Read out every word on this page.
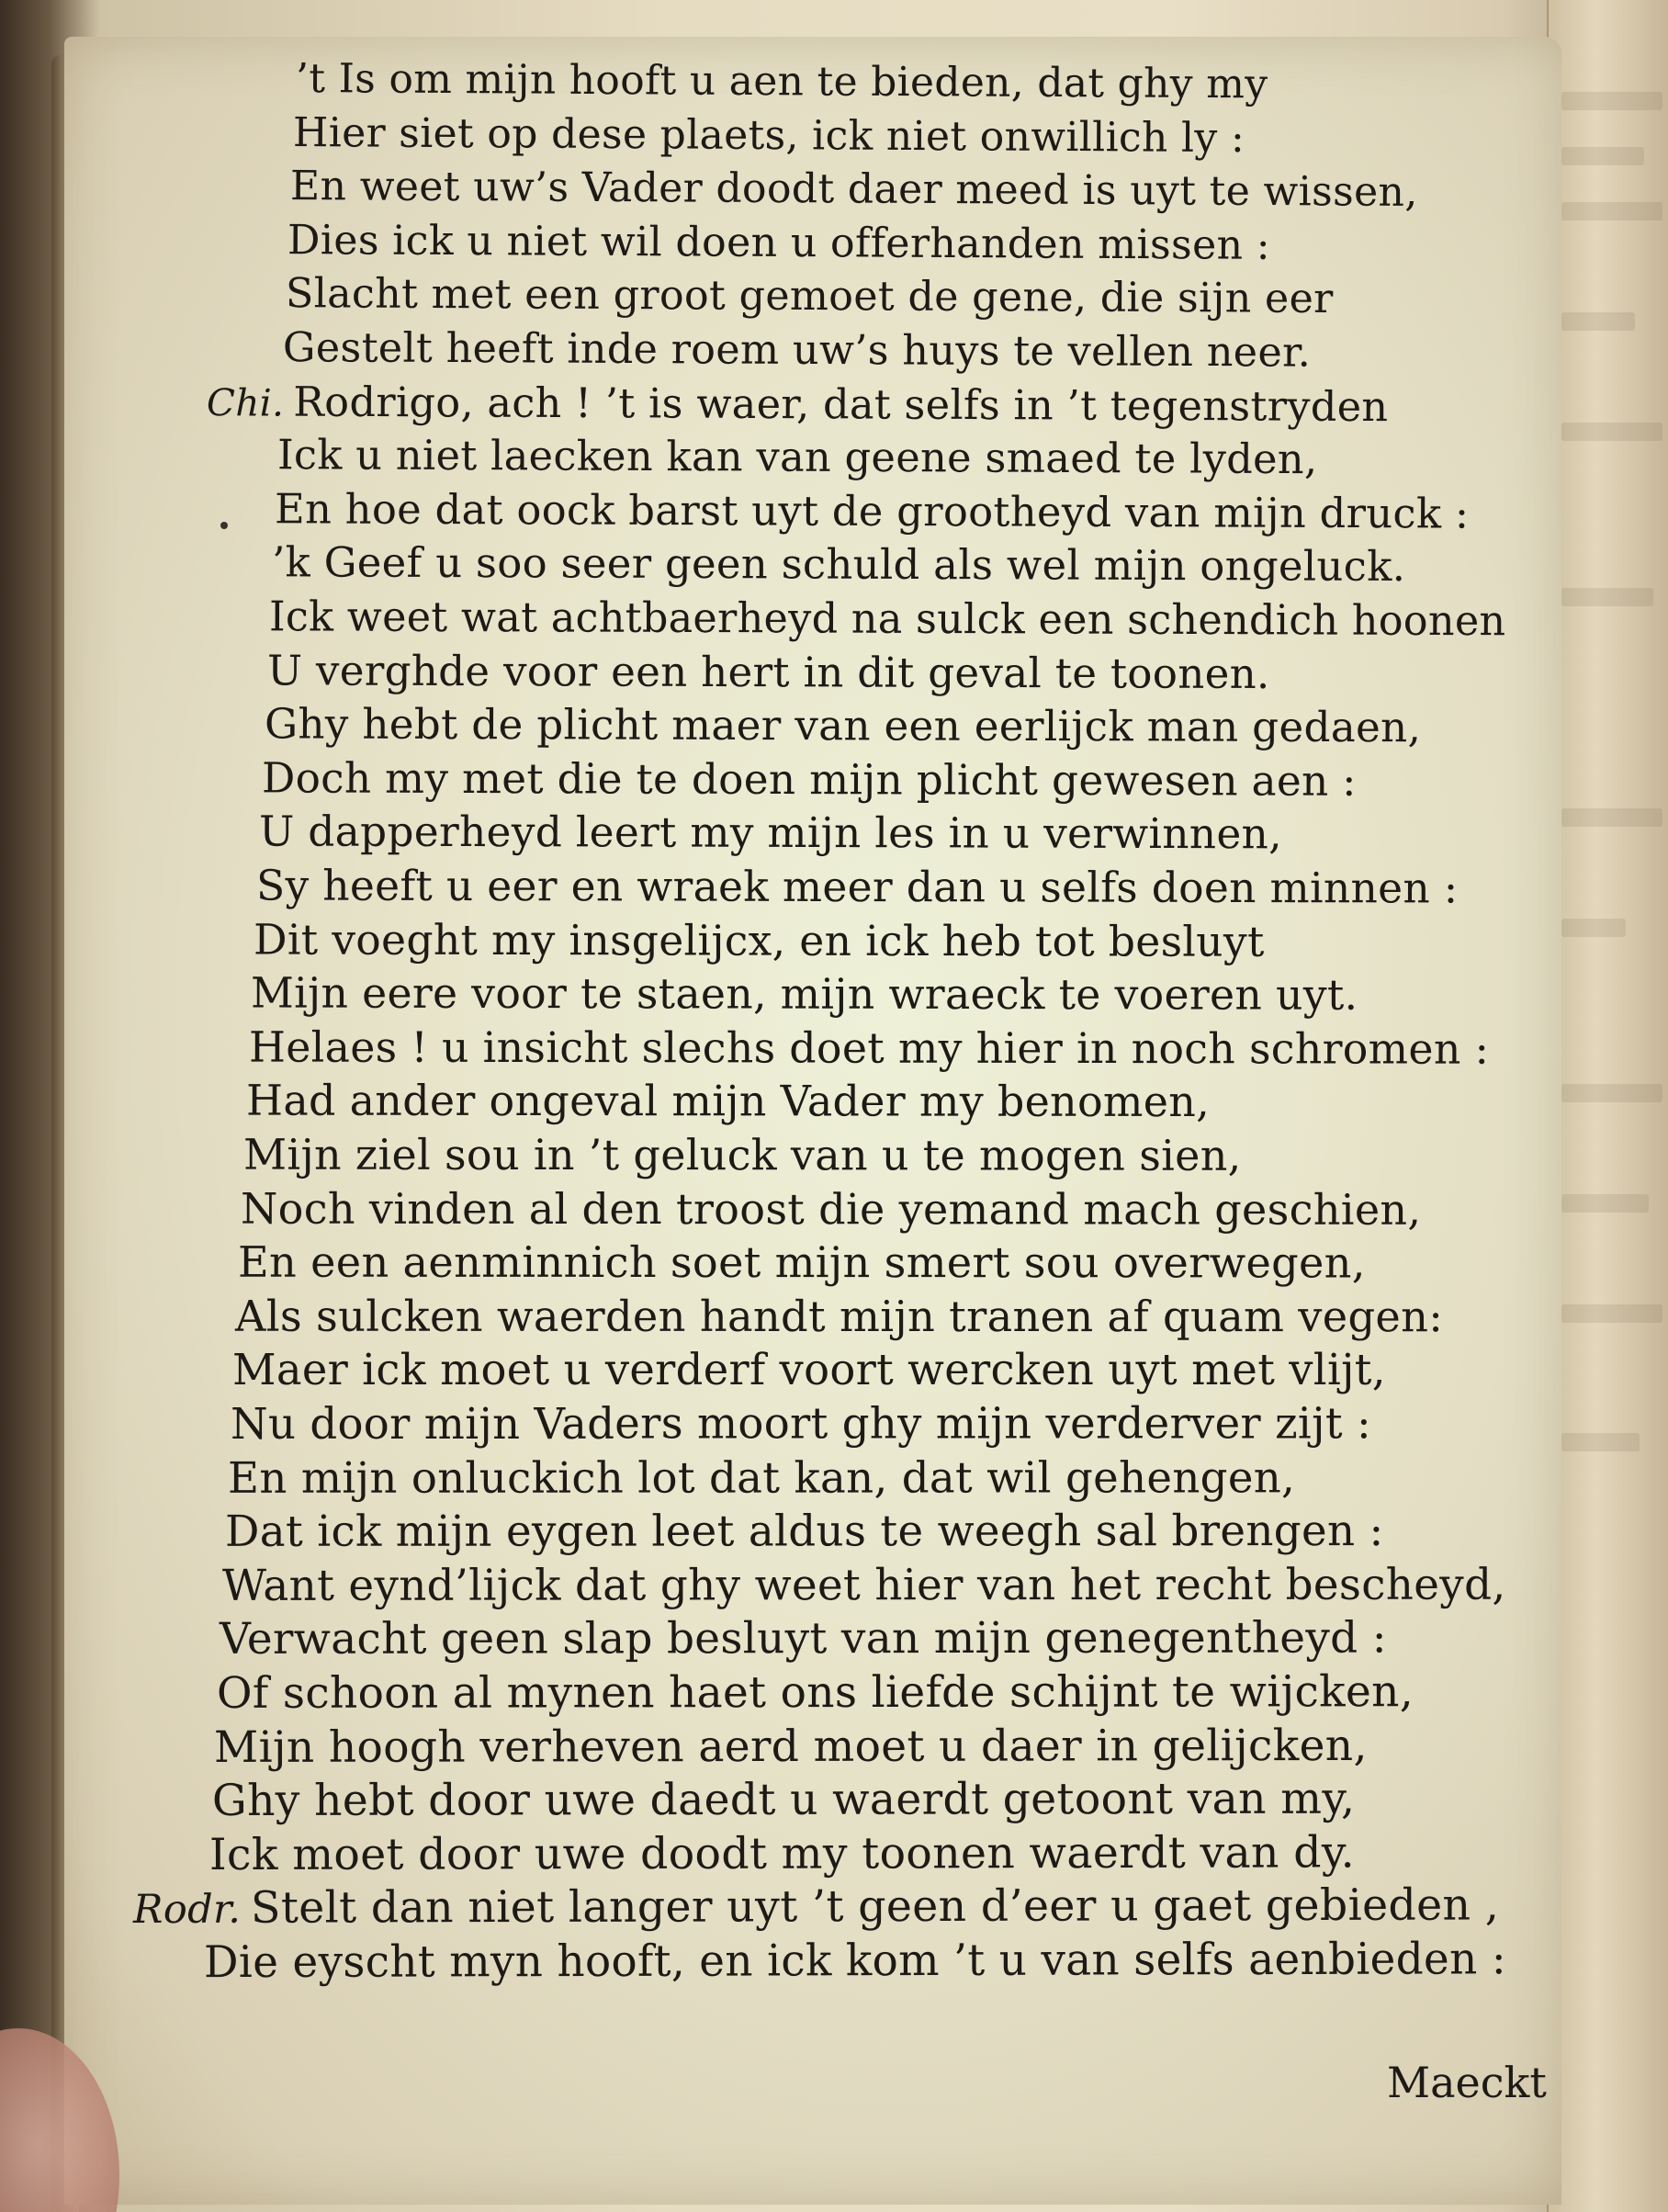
’t Is om mijn hooft u aen te bieden, dat ghy my
Hier siet op dese plaets, ick niet onwillich ly :
En weet uw’s Vader doodt daer meed is uyt te wissen,
Dies ick u niet wil doen u offerhanden missen :
Slacht met een groot gemoet de gene, die sijn eer
Gestelt heeft inde roem uw’s huys te vellen neer.
Chi. Rodrigo, ach ! ’t is waer, dat selfs in ’t tegenstryden
Ick u niet laecken kan van geene smaed te lyden,
En hoe dat oock barst uyt de grootheyd van mijn druck :
’k Geef u soo seer geen schuld als wel mijn ongeluck.
Ick weet wat achtbaerheyd na sulck een schendich hoonen
U verghde voor een hert in dit geval te toonen.
Ghy hebt de plicht maer van een eerlijck man gedaen,
Doch my met die te doen mijn plicht gewesen aen :
U dapperheyd leert my mijn les in u verwinnen,
Sy heeft u eer en wraek meer dan u selfs doen minnen :
Dit voeght my insgelijcx, en ick heb tot besluyt
Mijn eere voor te staen, mijn wraeck te voeren uyt.
Helaes ! u insicht slechs doet my hier in noch schromen :
Had ander ongeval mijn Vader my benomen,
Mijn ziel sou in ’t geluck van u te mogen sien,
Noch vinden al den troost die yemand mach geschien,
En een aenminnich soet mijn smert sou overwegen,
Als sulcken waerden handt mijn tranen af quam vegen:
Maer ick moet u verderf voort wercken uyt met vlijt,
Nu door mijn Vaders moort ghy mijn verderver zijt :
En mijn onluckich lot dat kan, dat wil gehengen,
Dat ick mijn eygen leet aldus te weegh sal brengen :
Want eynd’lijck dat ghy weet hier van het recht bescheyd,
Verwacht geen slap besluyt van mijn genegentheyd :
Of schoon al mynen haet ons liefde schijnt te wijcken,
Mijn hoogh verheven aerd moet u daer in gelijcken,
Ghy hebt door uwe daedt u waerdt getoont van my,
Ick moet door uwe doodt my toonen waerdt van dy.
Rodr. Stelt dan niet langer uyt ’t geen d’eer u gaet gebieden ,
Die eyscht myn hooft, en ick kom ’t u van selfs aenbieden :
Maeckt
